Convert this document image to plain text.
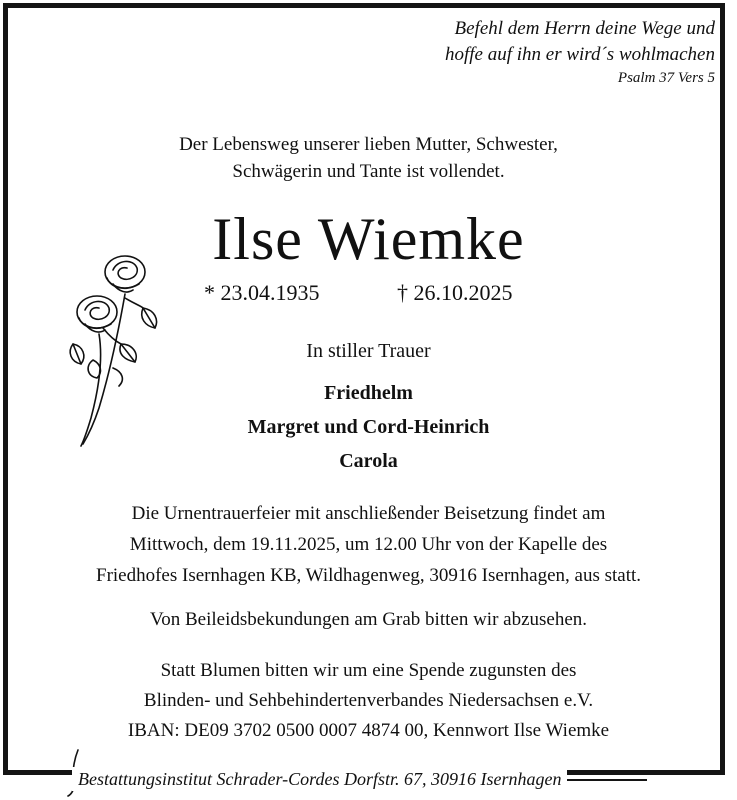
Befehl dem Herrn deine Wege und
hoffe auf ihn er wird´s wohlmachen
Psalm 37 Vers 5
Der Lebensweg unserer lieben Mutter, Schwester,
Schwägerin und Tante ist vollendet.
Ilse Wiemke
* 23.04.1935	† 26.10.2025
In stiller Trauer
Friedhelm
Margret und Cord-Heinrich
Carola
Die Urnentrauerfeier mit anschließender Beisetzung findet am
Mittwoch, dem 19.11.2025, um 12.00 Uhr von der Kapelle des
Friedhofes Isernhagen KB, Wildhagenweg, 30916 Isernhagen, aus statt.
Von Beileidsbekundungen am Grab bitten wir abzusehen.
Statt Blumen bitten wir um eine Spende zugunsten des
Blinden- und Sehbehindertenverbandes Niedersachsen e.V.
IBAN: DE09 3702 0500 0007 4874 00, Kennwort Ilse Wiemke
Bestattungsinstitut Schrader-Cordes Dorfstr. 67, 30916 Isernhagen
